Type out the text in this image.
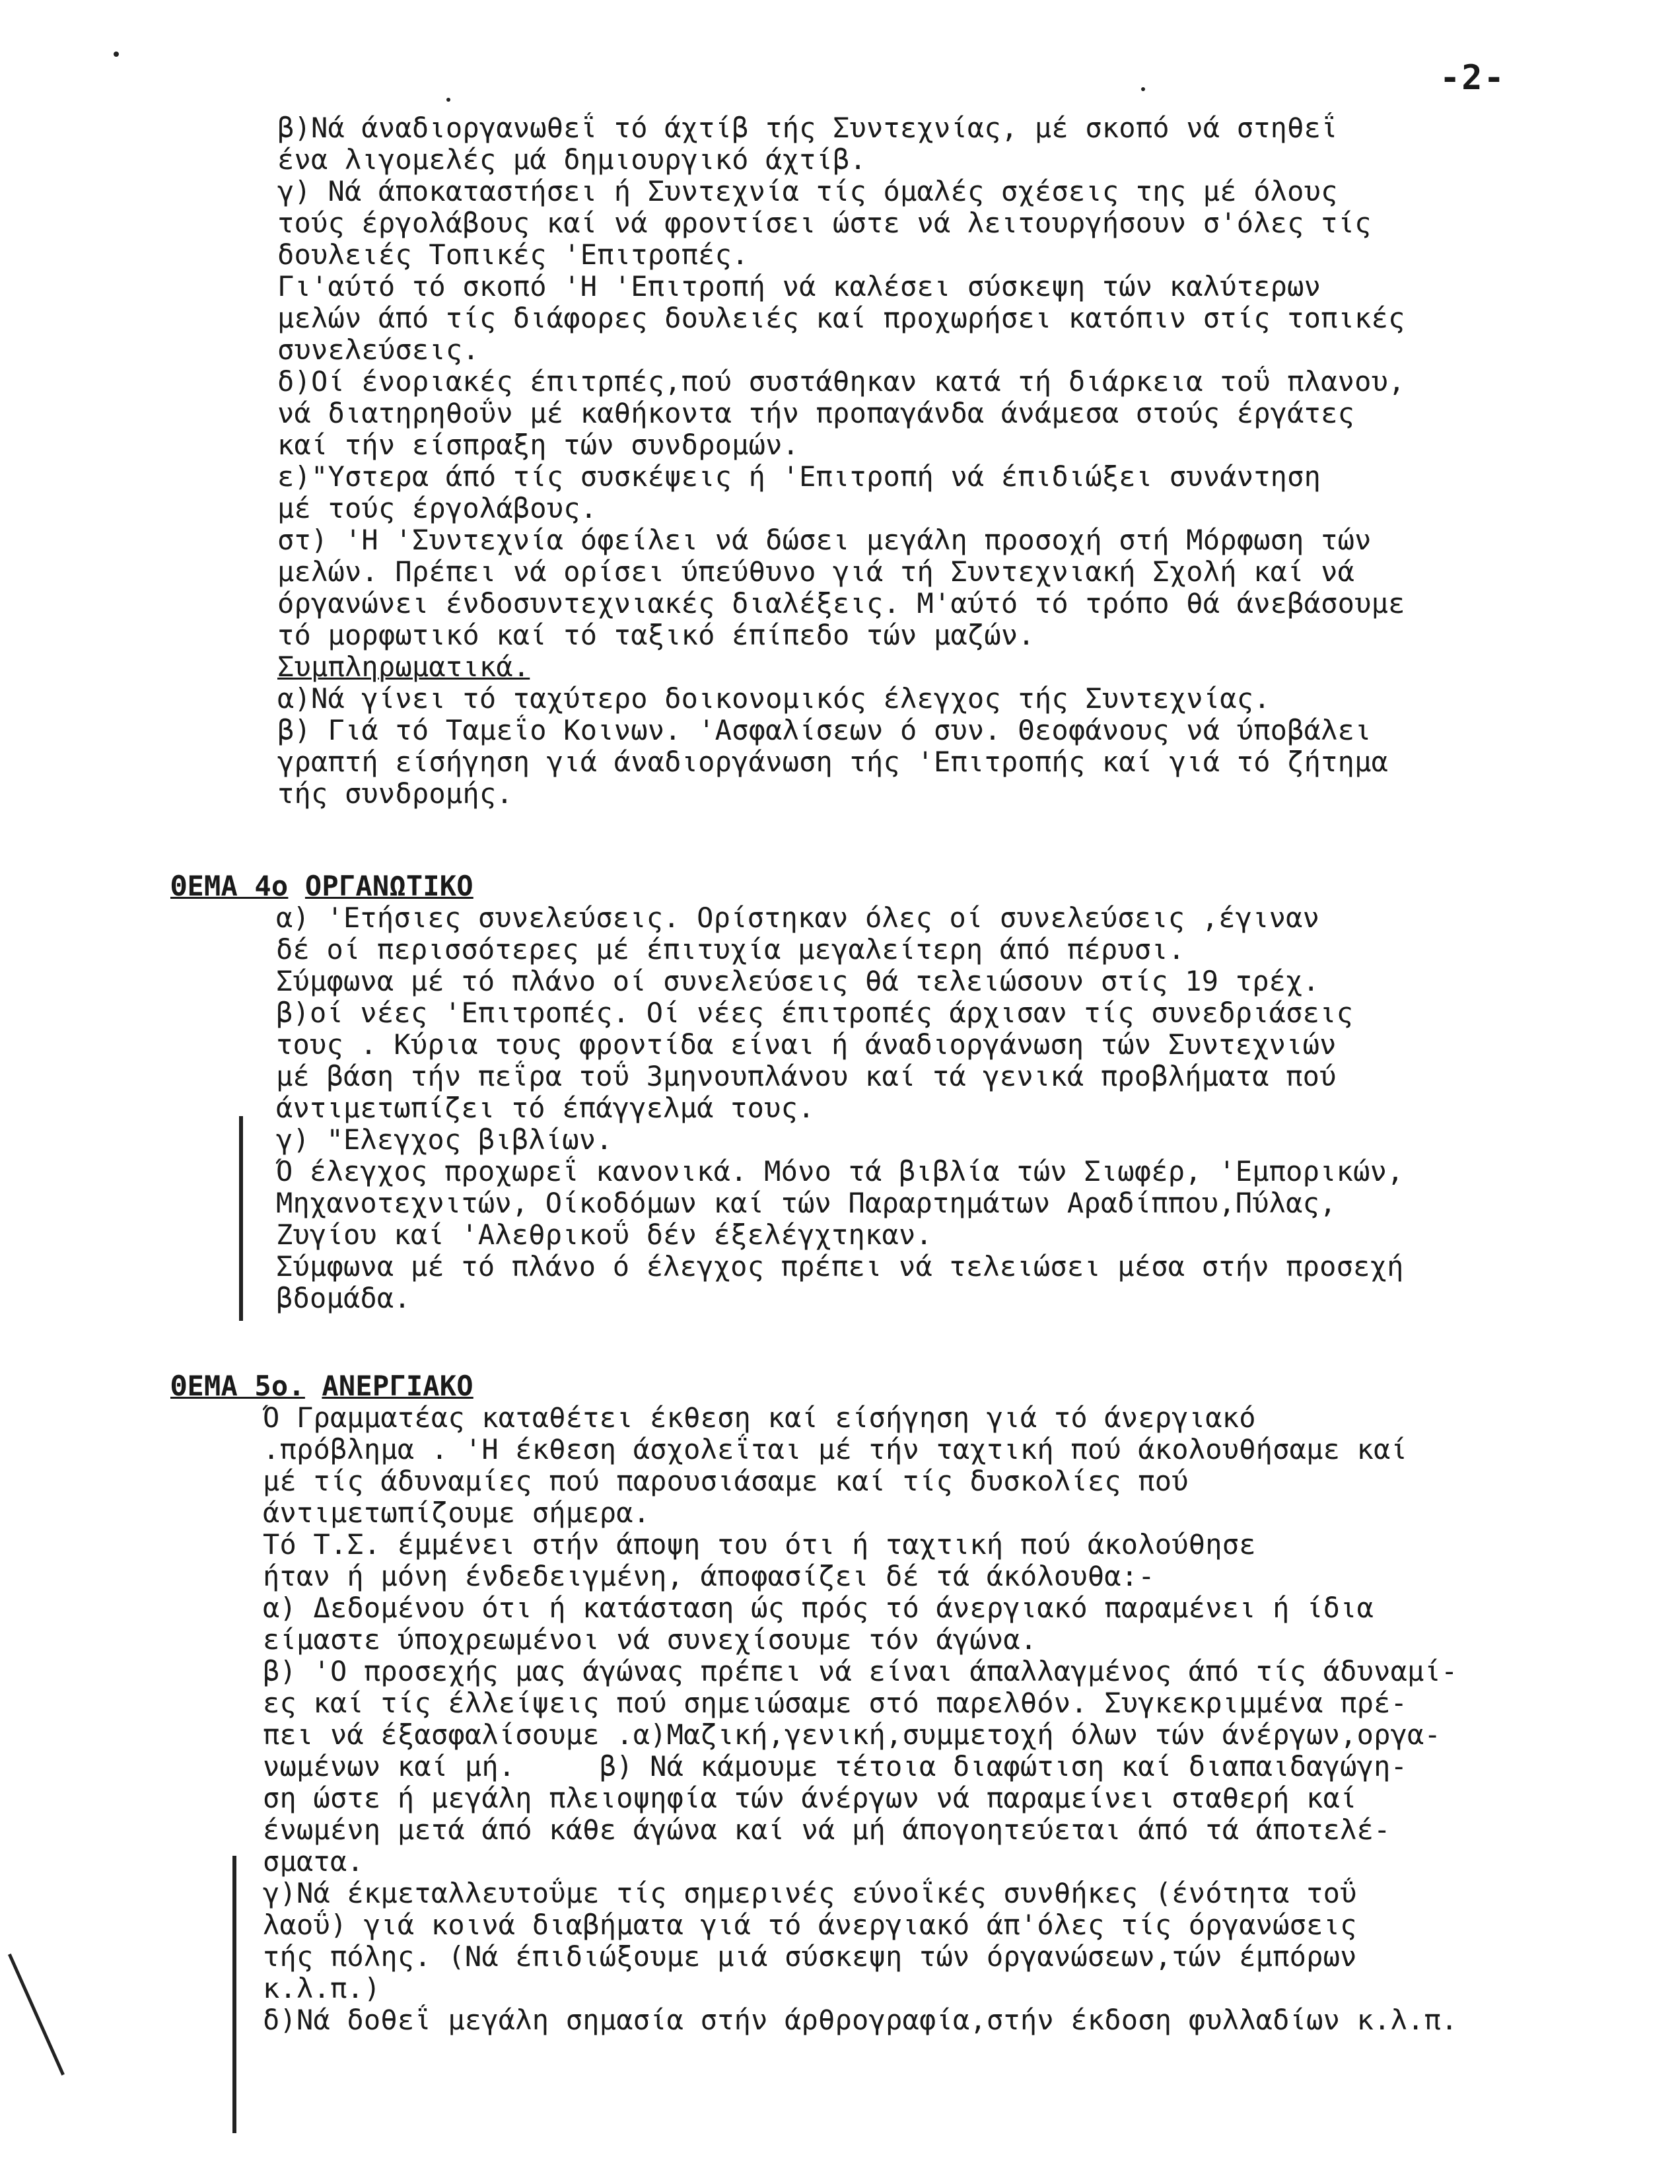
-2-
β)Νά άναδιοργανωθεΐ τό άχτίβ τής Συντεχνίας, μέ σκοπό νά στηθεΐ
ένα λιγομελές μά δημιουργικό άχτίβ.
γ) Νά άποκαταστήσει ή Συντεχνία τίς όμαλές σχέσεις της μέ όλους
τούς έργολάβους καί νά φροντίσει ώστε νά λειτουργήσουν σ'όλες τίς
δουλειές Τοπικές 'Επιτροπές.
Γι'αύτό τό σκοπό 'Η 'Επιτροπή νά καλέσει σύσκεψη τών καλύτερων
μελών άπό τίς διάφορες δουλειές καί προχωρήσει κατόπιν στίς τοπικές
συνελεύσεις.
δ)Οί ένοριακές έπιτρπές,πού συστάθηκαν κατά τή διάρκεια τοΰ πλανου,
νά διατηρηθοΰν μέ καθήκοντα τήν προπαγάνδα άνάμεσα στούς έργάτες
καί τήν είσπραξη τών συνδρομών.
ε)"Υστερα άπό τίς συσκέψεις ή 'Επιτροπή νά έπιδιώξει συνάντηση
μέ τούς έργολάβους.
στ) 'Η 'Συντεχνία όφείλει νά δώσει μεγάλη προσοχή στή Μόρφωση τών
μελών. Πρέπει νά ορίσει ύπεύθυνο γιά τή Συντεχνιακή Σχολή καί νά
όργανώνει ένδοσυντεχνιακές διαλέξεις. Μ'αύτό τό τρόπο θά άνεβάσουμε
τό μορφωτικό καί τό ταξικό έπίπεδο τών μαζών.
Συμπληρωματικά.
α)Νά γίνει τό ταχύτερο δοικονομικός έλεγχος τής Συντεχνίας.
β) Γιά τό Ταμεΐο Κοινων. 'Ασφαλίσεων ό συν. Θεοφάνους νά ύποβάλει
γραπτή είσήγηση γιά άναδιοργάνωση τής 'Επιτροπής καί γιά τό ζήτημα
τής συνδρομής.
ΘΕΜΑ 4ο ΟΡΓΑΝΩΤΙΚΟ
α) 'Ετήσιες συνελεύσεις. Ορίστηκαν όλες οί συνελεύσεις ,έγιναν
δέ οί περισσότερες μέ έπιτυχία μεγαλείτερη άπό πέρυσι.
Σύμφωνα μέ τό πλάνο οί συνελεύσεις θά τελειώσουν στίς 19 τρέχ.
β)οί νέες 'Επιτροπές. Οί νέες έπιτροπές άρχισαν τίς συνεδριάσεις
τους . Κύρια τους φροντίδα είναι ή άναδιοργάνωση τών Συντεχνιών
μέ βάση τήν πεΐρα τοΰ 3μηνουπλάνου καί τά γενικά προβλήματα πού
άντιμετωπίζει τό έπάγγελμά τους.
γ) "Ελεγχος βιβλίων.
Ό έλεγχος προχωρεΐ κανονικά. Μόνο τά βιβλία τών Σιωφέρ, 'Εμπορικών,
Μηχανοτεχνιτών, Οίκοδόμων καί τών Παραρτημάτων Αραδίππου,Πύλας,
Ζυγίου καί 'Αλεθρικοΰ δέν έξελέγχτηκαν.
Σύμφωνα μέ τό πλάνο ό έλεγχος πρέπει νά τελειώσει μέσα στήν προσεχή
βδομάδα.
ΘΕΜΑ 5ο. ΑΝΕΡΓΙΑΚΟ
Ό Γραμματέας καταθέτει έκθεση καί είσήγηση γιά τό άνεργιακό
.πρόβλημα . 'Η έκθεση άσχολεΐται μέ τήν ταχτική πού άκολουθήσαμε καί
μέ τίς άδυναμίες πού παρουσιάσαμε καί τίς δυσκολίες πού
άντιμετωπίζουμε σήμερα.
Τό Τ.Σ. έμμένει στήν άποψη του ότι ή ταχτική πού άκολούθησε
ήταν ή μόνη ένδεδειγμένη, άποφασίζει δέ τά άκόλουθα:-
α) Δεδομένου ότι ή κατάσταση ώς πρός τό άνεργιακό παραμένει ή ίδια
είμαστε ύποχρεωμένοι νά συνεχίσουμε τόν άγώνα.
β) 'Ο προσεχής μας άγώνας πρέπει νά είναι άπαλλαγμένος άπό τίς άδυναμί-
ες καί τίς έλλείψεις πού σημειώσαμε στό παρελθόν. Συγκεκριμμένα πρέ-
πει νά έξασφαλίσουμε .α)Μαζική,γενική,συμμετοχή όλων τών άνέργων,οργα-
νωμένων καί μή.     β) Νά κάμουμε τέτοια διαφώτιση καί διαπαιδαγώγη-
ση ώστε ή μεγάλη πλειοψηφία τών άνέργων νά παραμείνει σταθερή καί
ένωμένη μετά άπό κάθε άγώνα καί νά μή άπογοητεύεται άπό τά άποτελέ-
σματα.
γ)Νά έκμεταλλευτοΰμε τίς σημερινές εύνοΐκές συνθήκες (ένότητα τοΰ
λαοΰ) γιά κοινά διαβήματα γιά τό άνεργιακό άπ'όλες τίς όργανώσεις
τής πόλης. (Νά έπιδιώξουμε μιά σύσκεψη τών όργανώσεων,τών έμπόρων
κ.λ.π.)
δ)Νά δοθεΐ μεγάλη σημασία στήν άρθρογραφία,στήν έκδοση φυλλαδίων κ.λ.π.
